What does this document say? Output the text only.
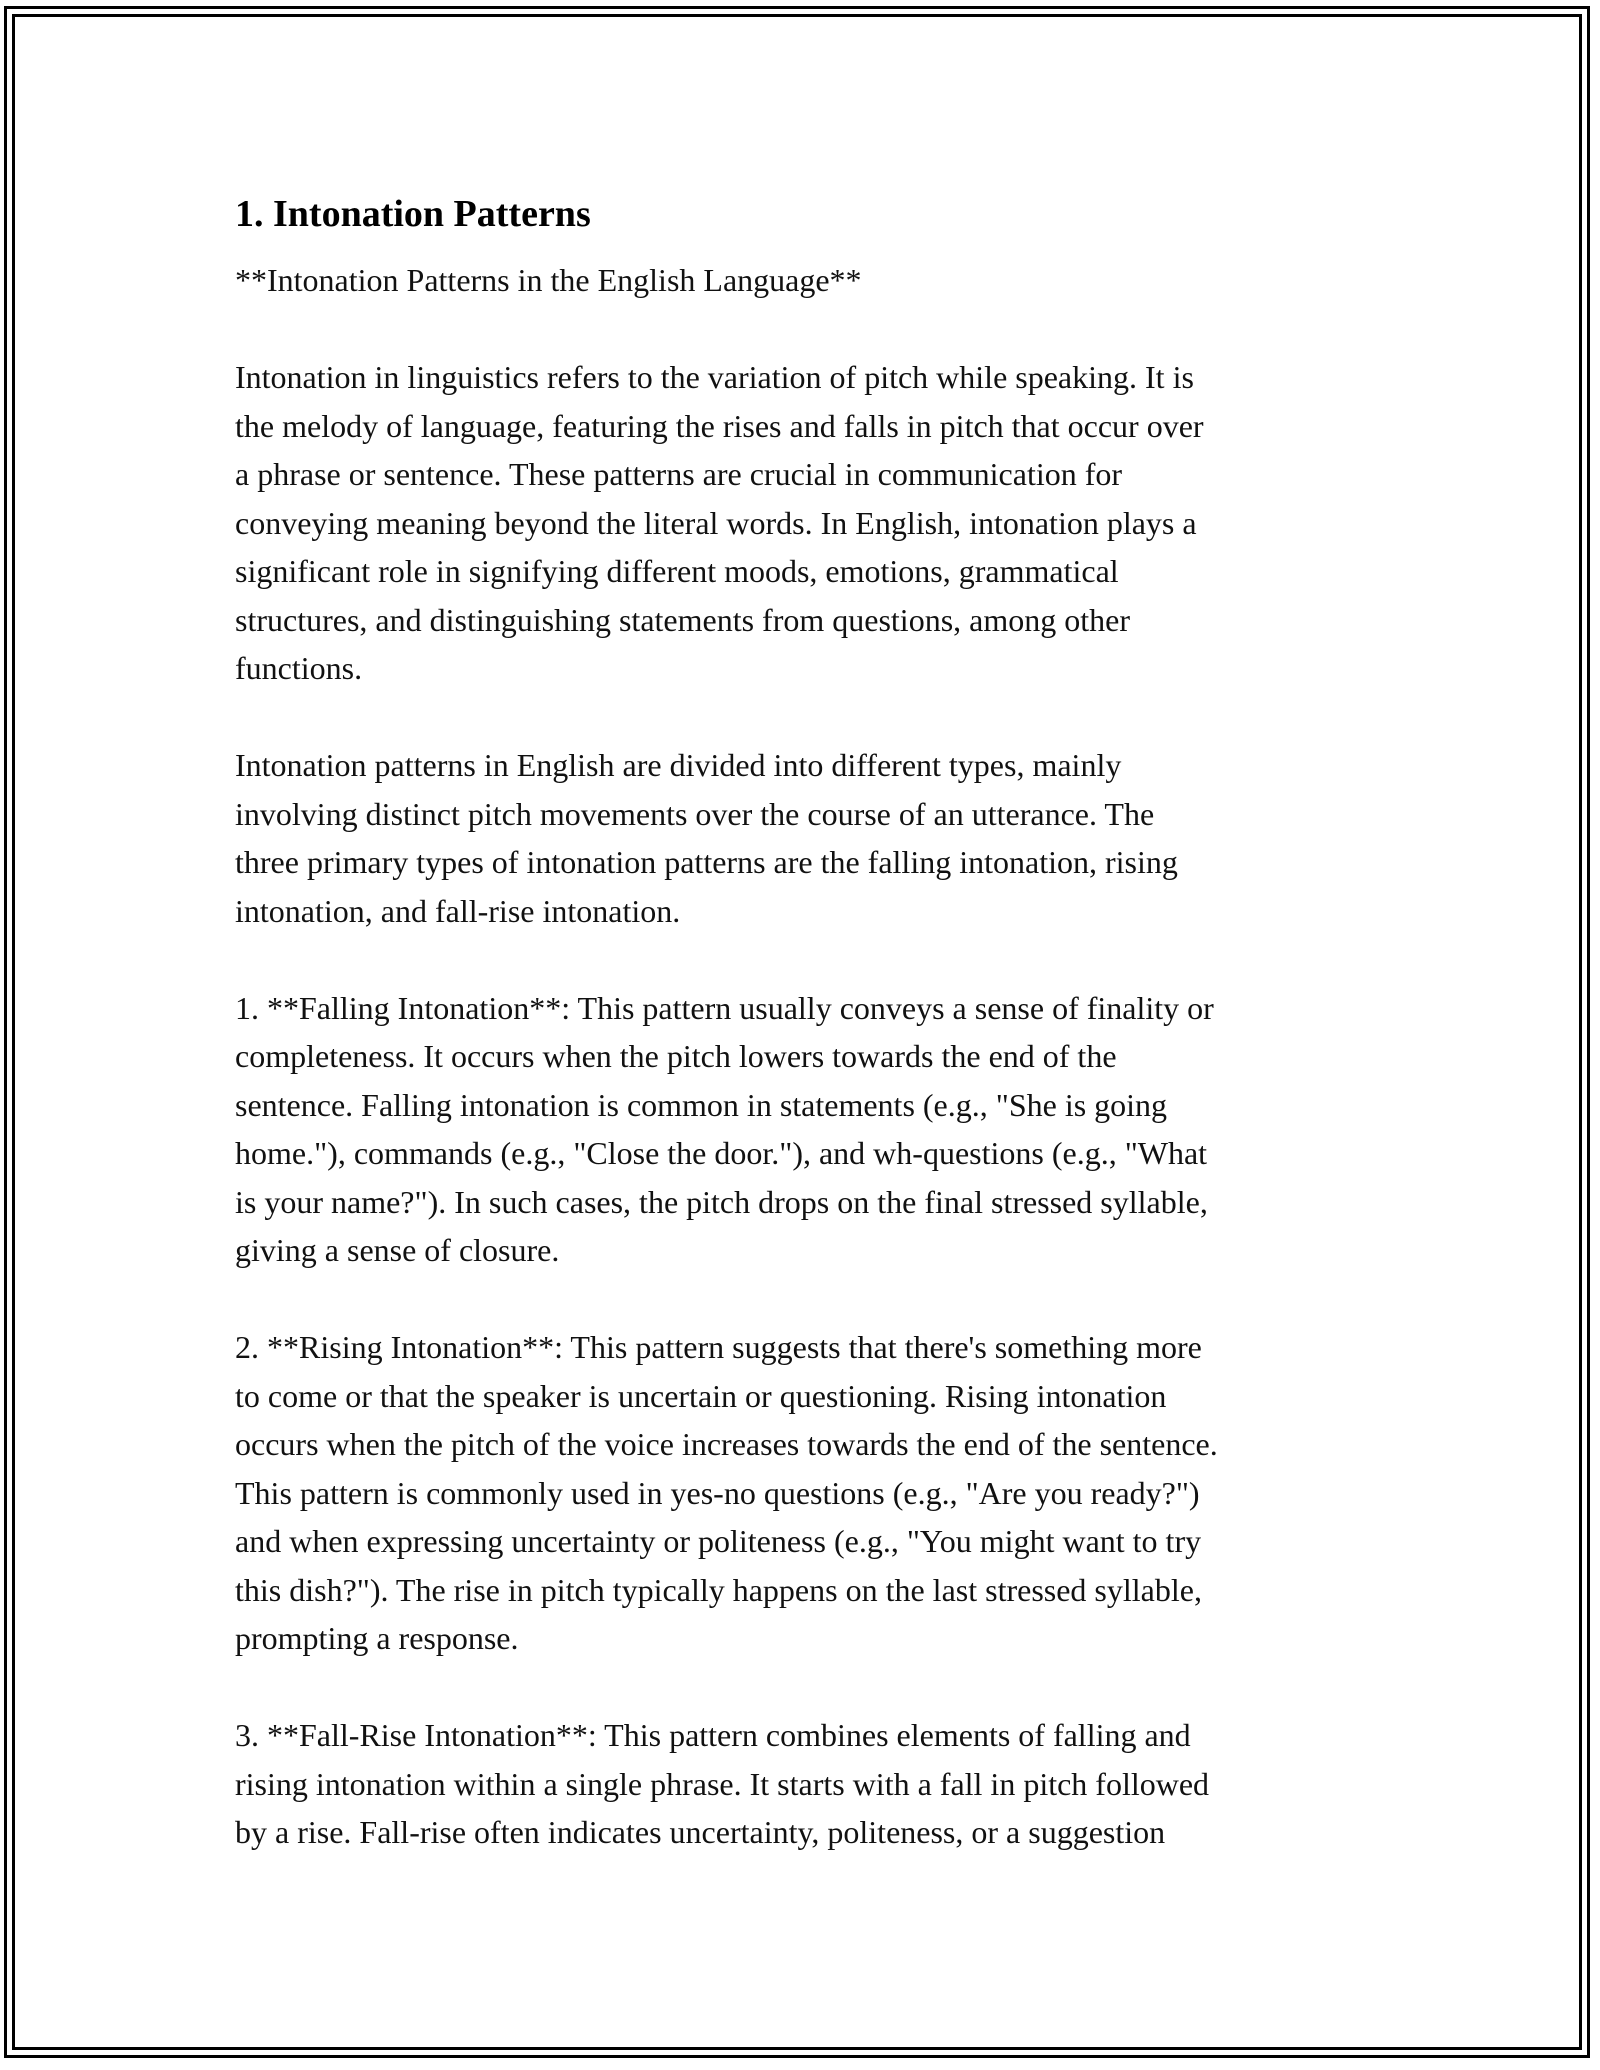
1. Intonation Patterns

**Intonation Patterns in the English Language**

Intonation in linguistics refers to the variation of pitch while speaking. It is

the melody of language, featuring the rises and falls in pitch that occur over

a phrase or sentence. These patterns are crucial in communication for

conveying meaning beyond the literal words. In English, intonation plays a

significant role in signifying different moods, emotions, grammatical

structures, and distinguishing statements from questions, among other

functions.

Intonation patterns in English are divided into different types, mainly

involving distinct pitch movements over the course of an utterance. The

three primary types of intonation patterns are the falling intonation, rising

intonation, and fall-rise intonation.

1. **Falling Intonation**: This pattern usually conveys a sense of finality or

completeness. It occurs when the pitch lowers towards the end of the

sentence. Falling intonation is common in statements (e.g., "She is going

home."), commands (e.g., "Close the door."), and wh-questions (e.g., "What

is your name?"). In such cases, the pitch drops on the final stressed syllable,

giving a sense of closure.

2. **Rising Intonation**: This pattern suggests that there's something more

to come or that the speaker is uncertain or questioning. Rising intonation

occurs when the pitch of the voice increases towards the end of the sentence.

This pattern is commonly used in yes-no questions (e.g., "Are you ready?")

and when expressing uncertainty or politeness (e.g., "You might want to try

this dish?"). The rise in pitch typically happens on the last stressed syllable,

prompting a response.

3. **Fall-Rise Intonation**: This pattern combines elements of falling and

rising intonation within a single phrase. It starts with a fall in pitch followed

by a rise. Fall-rise often indicates uncertainty, politeness, or a suggestion
